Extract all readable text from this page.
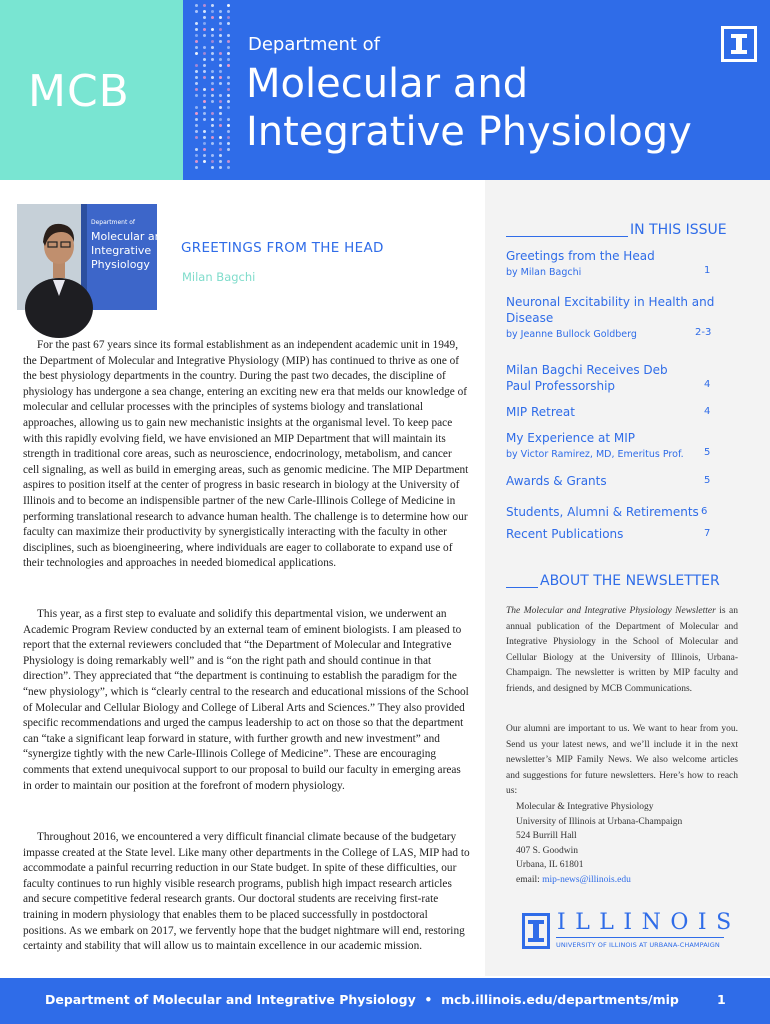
MCB
Department of
Molecular and
Integrative Physiology
IN THIS ISSUE
Greetings from the Head
by Milan Bagchi	1
Neuronal Excitability in Health and Disease
by Jeanne Bullock Goldberg	2-3
Milan Bagchi Receives Deb Paul Professorship	4
MIP Retreat	4
My Experience at MIP
by Victor Ramirez, MD, Emeritus Prof.	5
Awards & Grants	5
Students, Alumni & Retirements 6
Recent Publications	7
ABOUT THE NEWSLETTER
The Molecular and Integrative Physiology Newsletter is an annual publication of the Department of Molecular and Integrative Physiology in the School of Molecular and Cellular Biology at the University of Illinois, Urbana-Champaign. The newsletter is written by MIP faculty and friends, and designed by MCB Communications.
Our alumni are important to us. We want to hear from you. Send us your latest news, and we’ll include it in the next newsletter’s MIP Family News. We also welcome articles and suggestions for future newsletters. Here’s how to reach us:
Molecular & Integrative Physiology
University of Illinois at Urbana-Champaign
524 Burrill Hall
407 S. Goodwin
Urbana, IL 61801
email: mip-news@illinois.edu
ILLINOIS
UNIVERSITY OF ILLINOIS AT URBANA-CHAMPAIGN
Department of
Molecular and
Integrative
Physiology
GREETINGS FROM THE HEAD
Milan Bagchi

For the past 67 years since its formal establishment as an independent academic unit in 1949, the Department of Molecular and Integrative Physiology (MIP) has continued to thrive as one of the best physiology departments in the country. During the past two decades, the discipline of physiology has undergone a sea change, entering an exciting new era that melds our knowledge of molecular and cellular processes with the principles of systems biology and translational approaches, allowing us to gain new mechanistic insights at the organismal level. To keep pace with this rapidly evolving field, we have envisioned an MIP Department that will maintain its strength in traditional core areas, such as neuroscience, endocrinology, metabolism, and cancer cell signaling, as well as build in emerging areas, such as genomic medicine. The MIP Department aspires to position itself at the center of progress in basic research in biology at the University of Illinois and to become an indispensible partner of the new Carle-Illinois College of Medicine in performing translational research to advance human health. The challenge is to determine how our faculty can maximize their productivity by synergistically interacting with the faculty in other disciplines, such as bioengineering, where individuals are eager to collaborate to expand use of their technologies and approaches in needed biomedical applications.

This year, as a first step to evaluate and solidify this departmental vision, we underwent an Academic Program Review conducted by an external team of eminent biologists. I am pleased to report that the external reviewers concluded that “the Department of Molecular and Integrative Physiology is doing remarkably well” and is “on the right path and should continue in that direction”. They appreciated that “the department is continuing to establish the paradigm for the “new physiology”, which is “clearly central to the research and educational missions of the School of Molecular and Cellular Biology and College of Liberal Arts and Sciences.” They also provided specific recommendations and urged the campus leadership to act on those so that the department can “take a significant leap forward in stature, with further growth and new investment” and “synergize tightly with the new Carle-Illinois College of Medicine”. These are encouraging comments that extend unequivocal support to our proposal to build our faculty in emerging areas in order to maintain our position at the forefront of modern physiology.

Throughout 2016, we encountered a very difficult financial climate because of the budgetary impasse created at the State level. Like many other departments in the College of LAS, MIP had to accommodate a painful recurring reduction in our State budget. In spite of these difficulties, our faculty continues to run highly visible research programs, publish high impact research articles and secure competitive federal research grants. Our doctoral students are receiving first-rate training in modern physiology that enables them to be placed successfully in postdoctoral positions. As we embark on 2017, we fervently hope that the budget nightmare will end, restoring certainty and stability that will allow us to maintain excellence in our academic mission.

Department of Molecular and Integrative Physiology  •  mcb.illinois.edu/departments/mip	1
